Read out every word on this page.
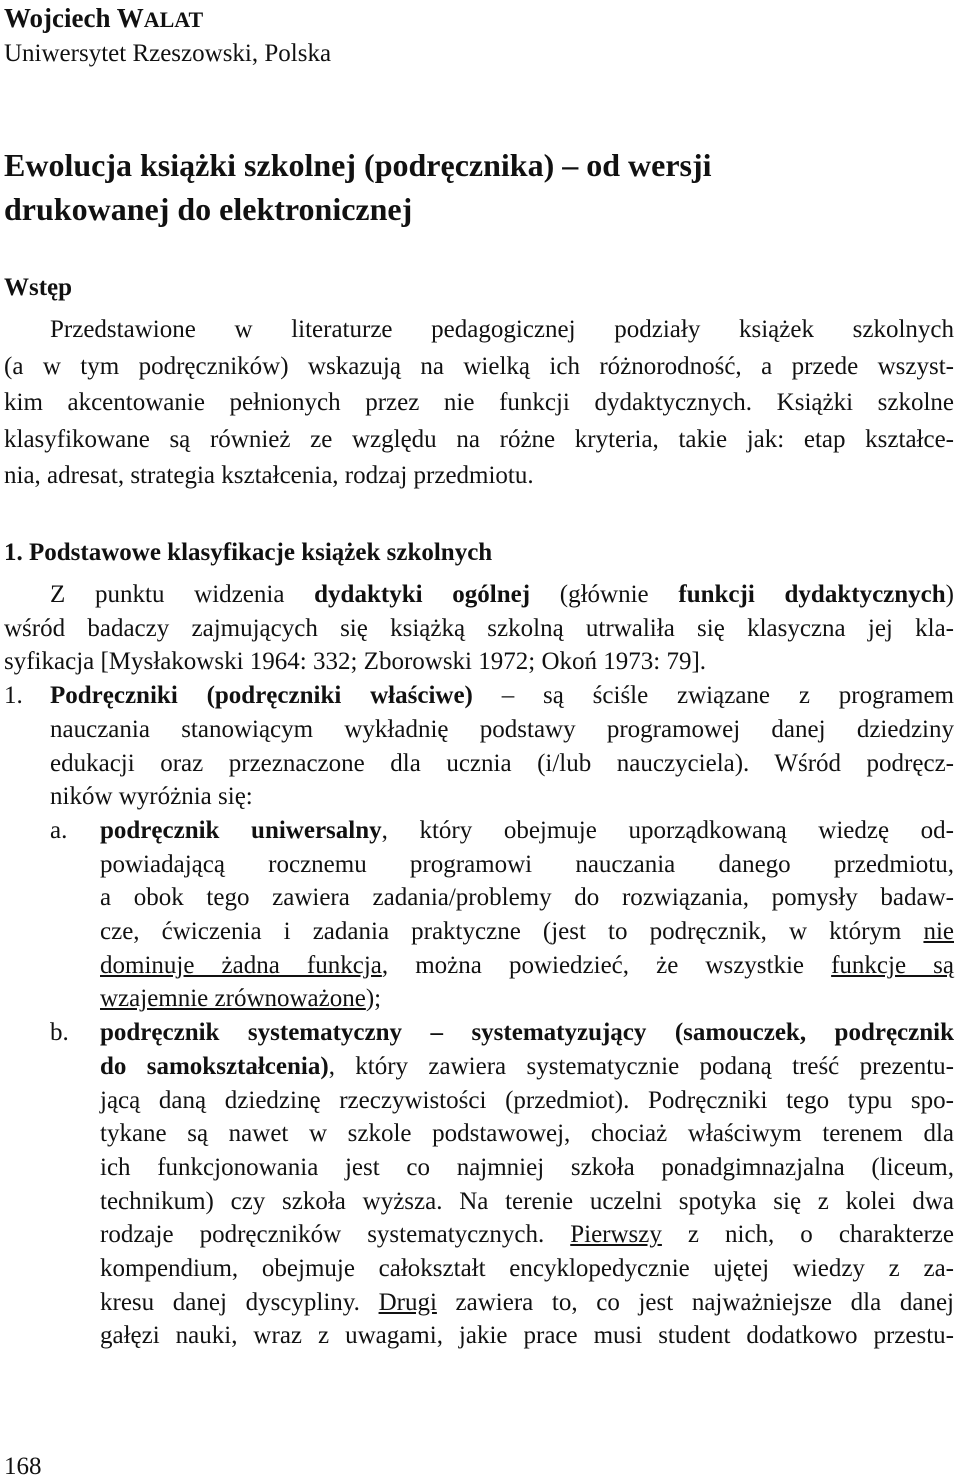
Wojciech WALAT
Uniwersytet Rzeszowski, Polska
Ewolucja książki szkolnej (podręcznika) – od wersji
drukowanej do elektronicznej
Wstęp
Przedstawione w literaturze pedagogicznej podziały książek szkolnych
(a w tym podręczników) wskazują na wielką ich różnorodność, a przede wszyst-
kim akcentowanie pełnionych przez nie funkcji dydaktycznych. Książki szkolne
klasyfikowane są również ze względu na różne kryteria, takie jak: etap kształce-
nia, adresat, strategia kształcenia, rodzaj przedmiotu.
1. Podstawowe klasyfikacje książek szkolnych
Z punktu widzenia dydaktyki ogólnej (głównie funkcji dydaktycznych)
wśród badaczy zajmujących się książką szkolną utrwaliła się klasyczna jej kla-
syfikacja [Mysłakowski 1964: 332; Zborowski 1972; Okoń 1973: 79].
1. Podręczniki (podręczniki właściwe) – są ściśle związane z programem
nauczania stanowiącym wykładnię podstawy programowej danej dziedziny
edukacji oraz przeznaczone dla ucznia (i/lub nauczyciela). Wśród podręcz-
ników wyróżnia się:
a. podręcznik uniwersalny, który obejmuje uporządkowaną wiedzę od-
powiadającą rocznemu programowi nauczania danego przedmiotu,
a obok tego zawiera zadania/problemy do rozwiązania, pomysły badaw-
cze, ćwiczenia i zadania praktyczne (jest to podręcznik, w którym nie
dominuje żadna funkcja, można powiedzieć, że wszystkie funkcje są
wzajemnie zrównoważone);
b. podręcznik systematyczny – systematyzujący (samouczek, podręcznik
do samokształcenia), który zawiera systematycznie podaną treść prezentu-
jącą daną dziedzinę rzeczywistości (przedmiot). Podręczniki tego typu spo-
tykane są nawet w szkole podstawowej, chociaż właściwym terenem dla
ich funkcjonowania jest co najmniej szkoła ponadgimnazjalna (liceum,
technikum) czy szkoła wyższa. Na terenie uczelni spotyka się z kolei dwa
rodzaje podręczników systematycznych. Pierwszy z nich, o charakterze
kompendium, obejmuje całokształt encyklopedycznie ujętej wiedzy z za-
kresu danej dyscypliny. Drugi zawiera to, co jest najważniejsze dla danej
gałęzi nauki, wraz z uwagami, jakie prace musi student dodatkowo przestu-
168
